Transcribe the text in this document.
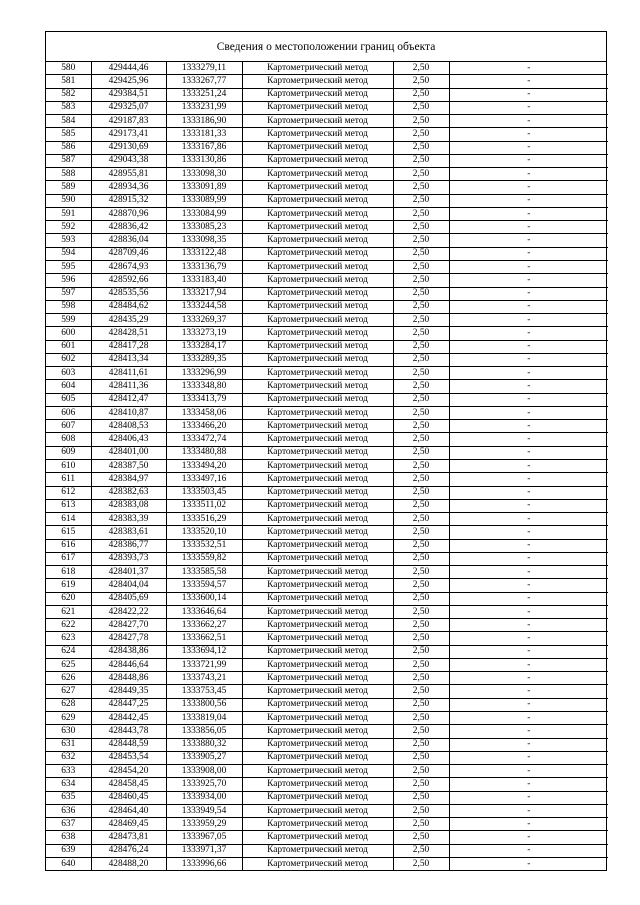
Сведения о местоположении границ объекта
580	429444,46	1333279,11	Картометрический метод	2,50	-
581	429425,96	1333267,77	Картометрический метод	2,50	-
582	429384,51	1333251,24	Картометрический метод	2,50	-
583	429325,07	1333231,99	Картометрический метод	2,50	-
584	429187,83	1333186,90	Картометрический метод	2,50	-
585	429173,41	1333181,33	Картометрический метод	2,50	-
586	429130,69	1333167,86	Картометрический метод	2,50	-
587	429043,38	1333130,86	Картометрический метод	2,50	-
588	428955,81	1333098,30	Картометрический метод	2,50	-
589	428934,36	1333091,89	Картометрический метод	2,50	-
590	428915,32	1333089,99	Картометрический метод	2,50	-
591	428870,96	1333084,99	Картометрический метод	2,50	-
592	428836,42	1333085,23	Картометрический метод	2,50	-
593	428836,04	1333098,35	Картометрический метод	2,50	-
594	428709,46	1333122,48	Картометрический метод	2,50	-
595	428674,93	1333136,79	Картометрический метод	2,50	-
596	428592,66	1333183,40	Картометрический метод	2,50	-
597	428535,56	1333217,94	Картометрический метод	2,50	-
598	428484,62	1333244,58	Картометрический метод	2,50	-
599	428435,29	1333269,37	Картометрический метод	2,50	-
600	428428,51	1333273,19	Картометрический метод	2,50	-
601	428417,28	1333284,17	Картометрический метод	2,50	-
602	428413,34	1333289,35	Картометрический метод	2,50	-
603	428411,61	1333296,99	Картометрический метод	2,50	-
604	428411,36	1333348,80	Картометрический метод	2,50	-
605	428412,47	1333413,79	Картометрический метод	2,50	-
606	428410,87	1333458,06	Картометрический метод	2,50	-
607	428408,53	1333466,20	Картометрический метод	2,50	-
608	428406,43	1333472,74	Картометрический метод	2,50	-
609	428401,00	1333480,88	Картометрический метод	2,50	-
610	428387,50	1333494,20	Картометрический метод	2,50	-
611	428384,97	1333497,16	Картометрический метод	2,50	-
612	428382,63	1333503,45	Картометрический метод	2,50	-
613	428383,08	1333511,02	Картометрический метод	2,50	-
614	428383,39	1333516,29	Картометрический метод	2,50	-
615	428383,61	1333520,10	Картометрический метод	2,50	-
616	428386,77	1333532,51	Картометрический метод	2,50	-
617	428393,73	1333559,82	Картометрический метод	2,50	-
618	428401,37	1333585,58	Картометрический метод	2,50	-
619	428404,04	1333594,57	Картометрический метод	2,50	-
620	428405,69	1333600,14	Картометрический метод	2,50	-
621	428422,22	1333646,64	Картометрический метод	2,50	-
622	428427,70	1333662,27	Картометрический метод	2,50	-
623	428427,78	1333662,51	Картометрический метод	2,50	-
624	428438,86	1333694,12	Картометрический метод	2,50	-
625	428446,64	1333721,99	Картометрический метод	2,50	-
626	428448,86	1333743,21	Картометрический метод	2,50	-
627	428449,35	1333753,45	Картометрический метод	2,50	-
628	428447,25	1333800,56	Картометрический метод	2,50	-
629	428442,45	1333819,04	Картометрический метод	2,50	-
630	428443,78	1333856,05	Картометрический метод	2,50	-
631	428448,59	1333880,32	Картометрический метод	2,50	-
632	428453,54	1333905,27	Картометрический метод	2,50	-
633	428454,20	1333908,00	Картометрический метод	2,50	-
634	428458,45	1333925,70	Картометрический метод	2,50	-
635	428460,45	1333934,00	Картометрический метод	2,50	-
636	428464,40	1333949,54	Картометрический метод	2,50	-
637	428469,45	1333959,29	Картометрический метод	2,50	-
638	428473,81	1333967,05	Картометрический метод	2,50	-
639	428476,24	1333971,37	Картометрический метод	2,50	-
640	428488,20	1333996,66	Картометрический метод	2,50	-
